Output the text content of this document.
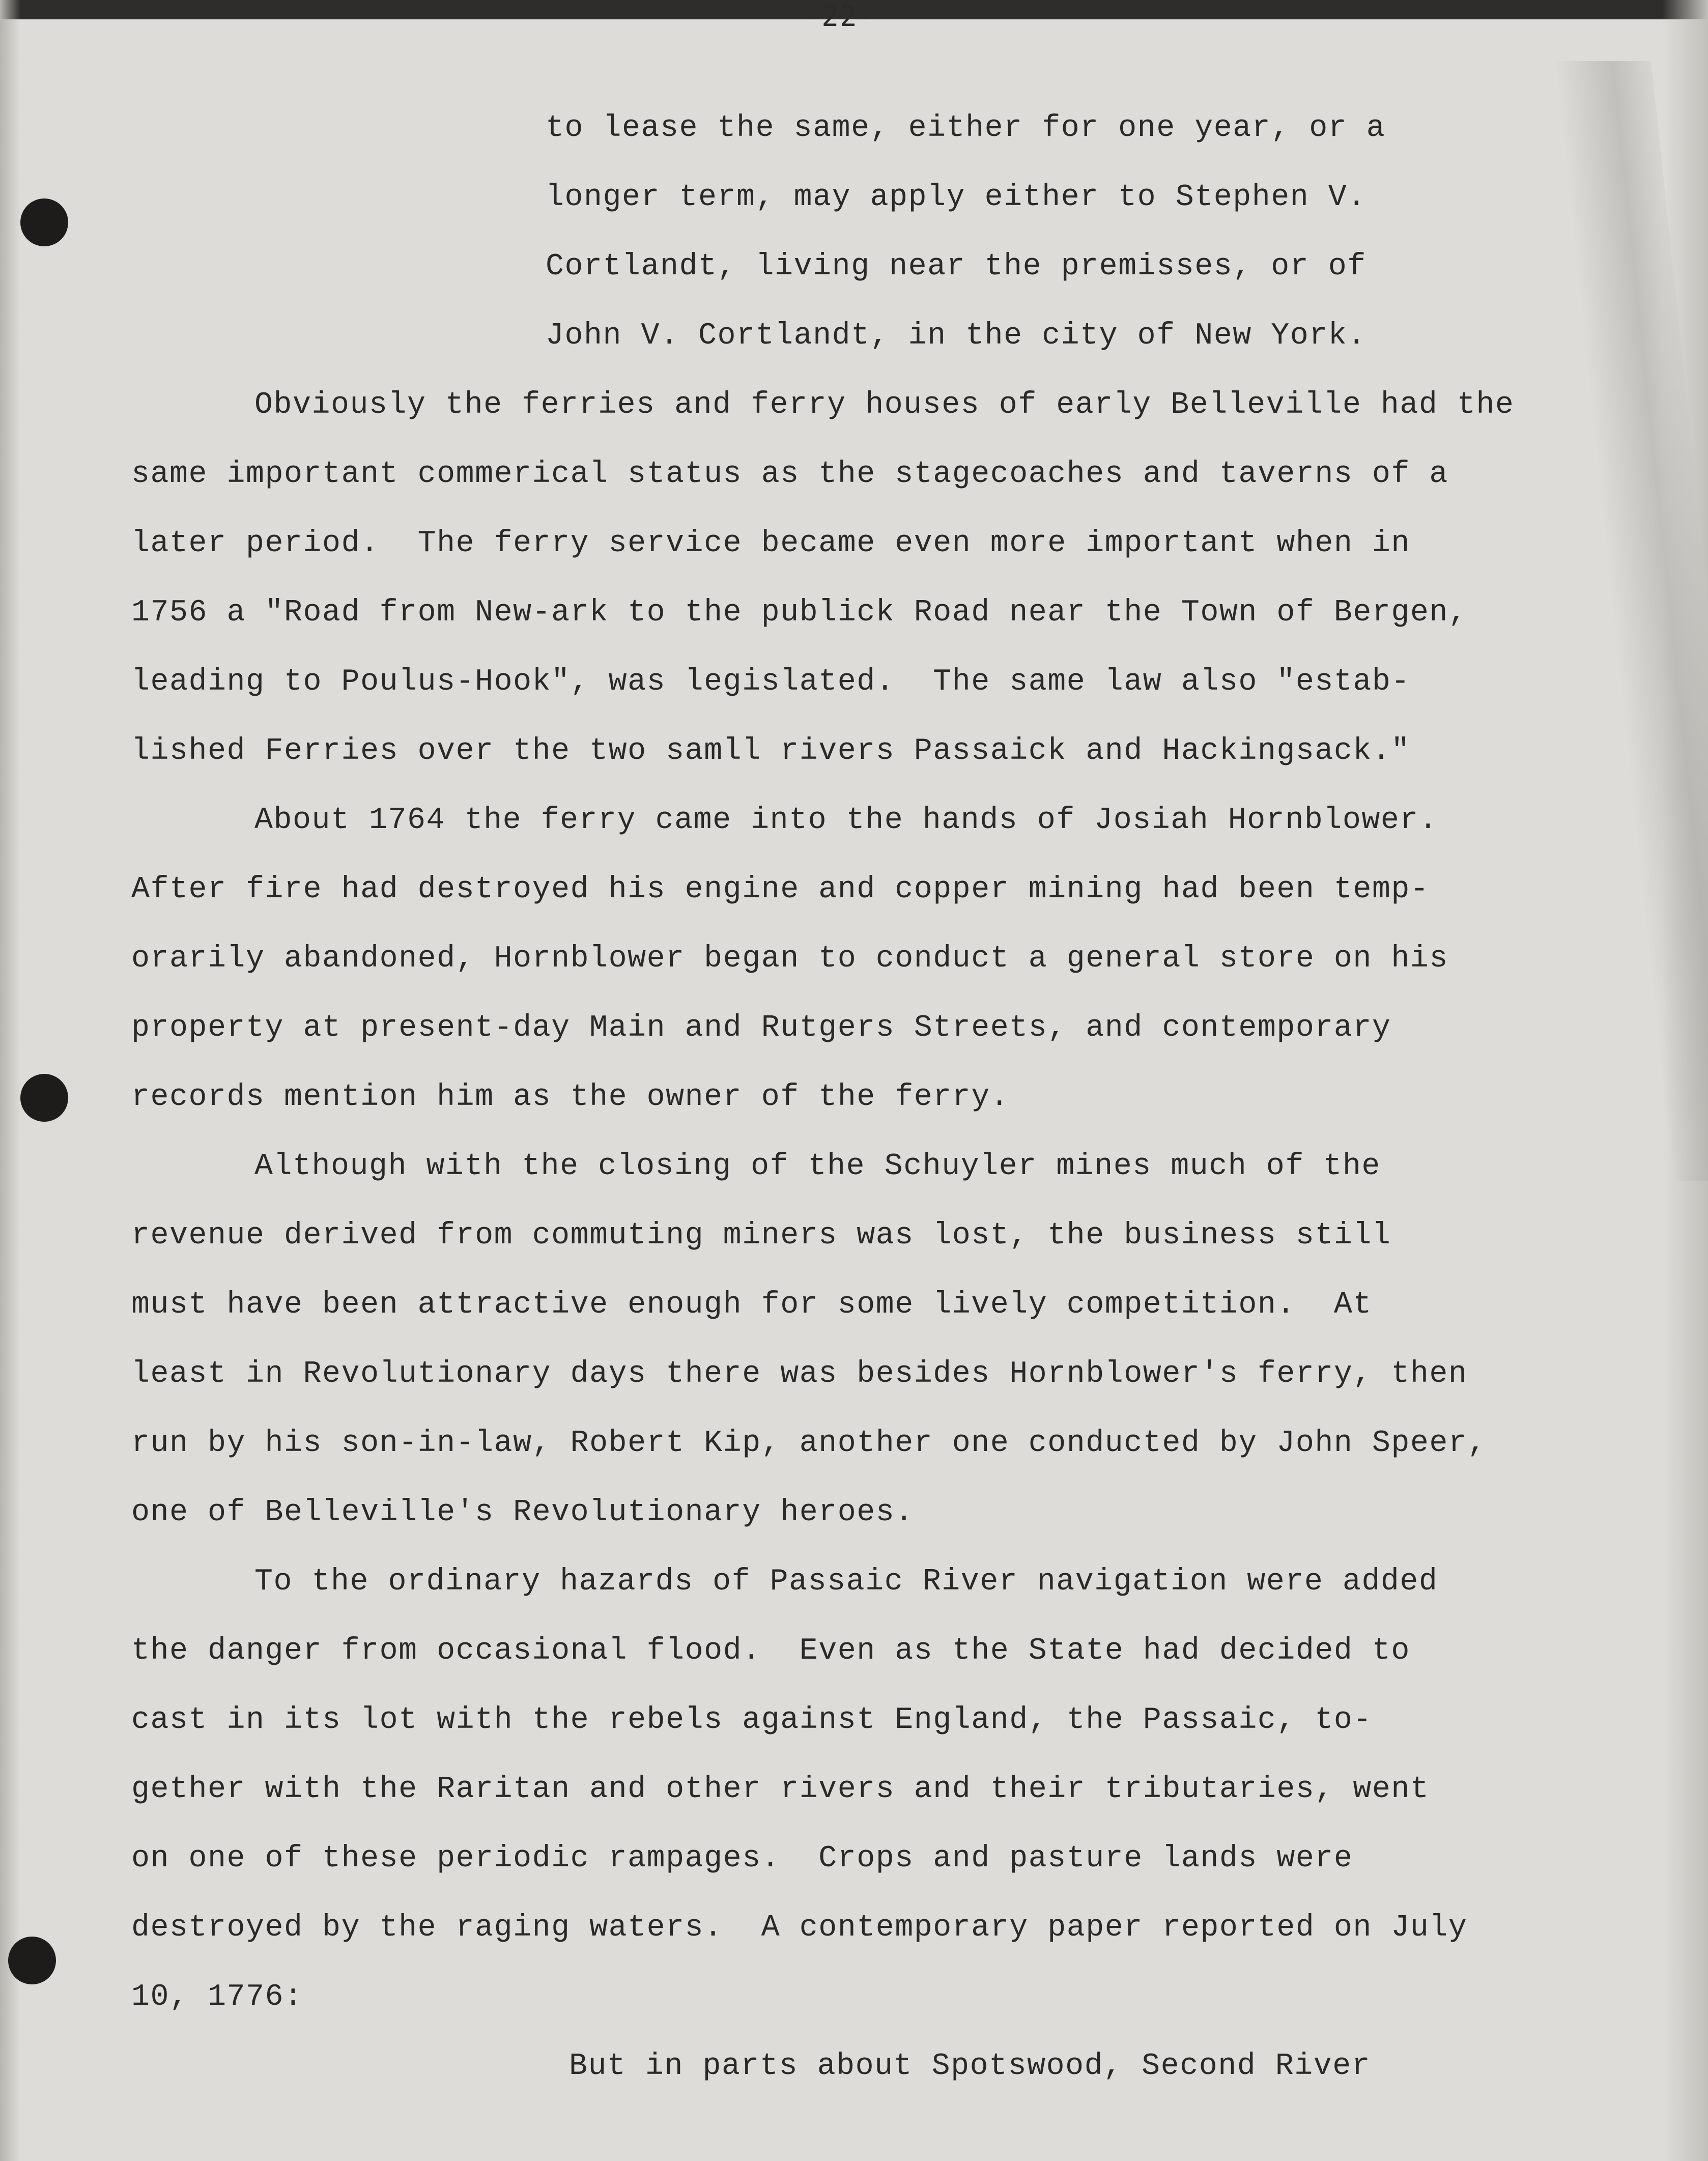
-22-
to lease the same, either for one year, or a
longer term, may apply either to Stephen V.
Cortlandt, living near the premisses, or of
John V. Cortlandt, in the city of New York.
Obviously the ferries and ferry houses of early Belleville had the
same important commerical status as the stagecoaches and taverns of a
later period.  The ferry service became even more important when in
1756 a "Road from New-ark to the publick Road near the Town of Bergen,
leading to Poulus-Hook", was legislated.  The same law also "estab-
lished Ferries over the two samll rivers Passaick and Hackingsack."
About 1764 the ferry came into the hands of Josiah Hornblower.
After fire had destroyed his engine and copper mining had been temp-
orarily abandoned, Hornblower began to conduct a general store on his
property at present-day Main and Rutgers Streets, and contemporary
records mention him as the owner of the ferry.
Although with the closing of the Schuyler mines much of the
revenue derived from commuting miners was lost, the business still
must have been attractive enough for some lively competition.  At
least in Revolutionary days there was besides Hornblower's ferry, then
run by his son-in-law, Robert Kip, another one conducted by John Speer,
one of Belleville's Revolutionary heroes.
To the ordinary hazards of Passaic River navigation were added
the danger from occasional flood.  Even as the State had decided to
cast in its lot with the rebels against England, the Passaic, to-
gether with the Raritan and other rivers and their tributaries, went
on one of these periodic rampages.  Crops and pasture lands were
destroyed by the raging waters.  A contemporary paper reported on July
10, 1776:
But in parts about Spotswood, Second River
